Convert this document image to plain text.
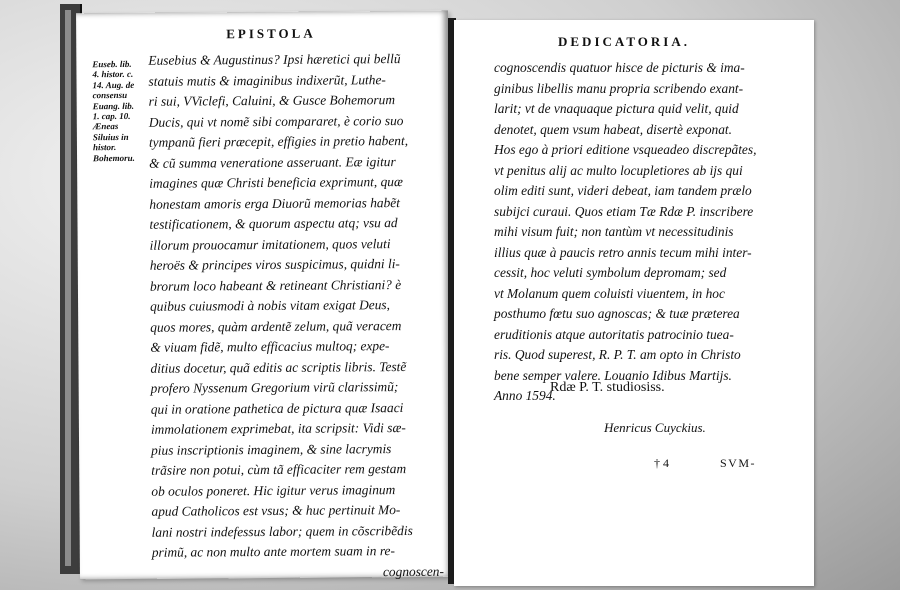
EPISTOLA
Euseb. lib.
4. histor. c.
14. Aug. de
consensu
Euang. lib.
1. cap. 10.
Æneas
Siluius in
histor.
Bohemoru.
Eusebius & Augustinus? Ipsi hæretici qui bellũ
statuis mutis & imaginibus indixerũt, Luthe-
ri sui, VViclefi, Caluini, & Gusce Bohemorum
Ducis, qui vt nomẽ sibi compararet, è corio suo
tympanũ fieri præcepit, effigies in pretio habent,
& cũ summa veneratione asseruant. Eæ igitur
imagines quæ Christi beneficia exprimunt, quæ
honestam amoris erga Diuorũ memorias habẽt
testificationem, & quorum aspectu atq; vsu ad
illorum prouocamur imitationem, quos veluti
heroës & principes viros suspicimus, quidni li-
brorum loco habeant & retineant Christiani? è
quibus cuiusmodi à nobis vitam exigat Deus,
quos mores, quàm ardentẽ zelum, quã veracem
& viuam fidẽ, multo efficacius multoq; expe-
ditius docetur, quã editis ac scriptis libris. Testẽ
profero Nyssenum Gregorium virũ clarissimũ;
qui in oratione pathetica de pictura quæ Isaaci
immolationem exprimebat, ita scripsit: Vidi sæ-
pius inscriptionis imaginem, & sine lacrymis
trãsire non potui, cùm tã efficaciter rem gestam
ob oculos poneret. Hic igitur verus imaginum
apud Catholicos est vsus; & huc pertinuit Mo-
lani nostri indefessus labor; quem in cõscribẽdis
primũ, ac non multo ante mortem suam in re-
cognoscen-
DEDICATORIA.
cognoscendis quatuor hisce de picturis & ima-
ginibus libellis manu propria scribendo exant-
larit; vt de vnaquaque pictura quid velit, quid
denotet, quem vsum habeat, disertè exponat.
Hos ego à priori editione vsqueadeo discrepãtes,
vt penitus alij ac multo locupletiores ab ijs qui
olim editi sunt, videri debeat, iam tandem prælo
subijci curaui. Quos etiam Tæ Rdæ P. inscribere
mihi visum fuit; non tantùm vt necessitudinis
illius quæ à paucis retro annis tecum mihi inter-
cessit, hoc veluti symbolum depromam; sed
vt Molanum quem coluisti viuentem, in hoc
posthumo fœtu suo agnoscas; & tuæ præterea
eruditionis atque autoritatis patrocinio tuea-
ris. Quod superest, R. P. T. am opto in Christo
bene semper valere. Louanio Idibus Martijs.
Anno 1594.
Rdæ P. T. studiosiss.
Henricus Cuyckius.
† 4	SVM-
